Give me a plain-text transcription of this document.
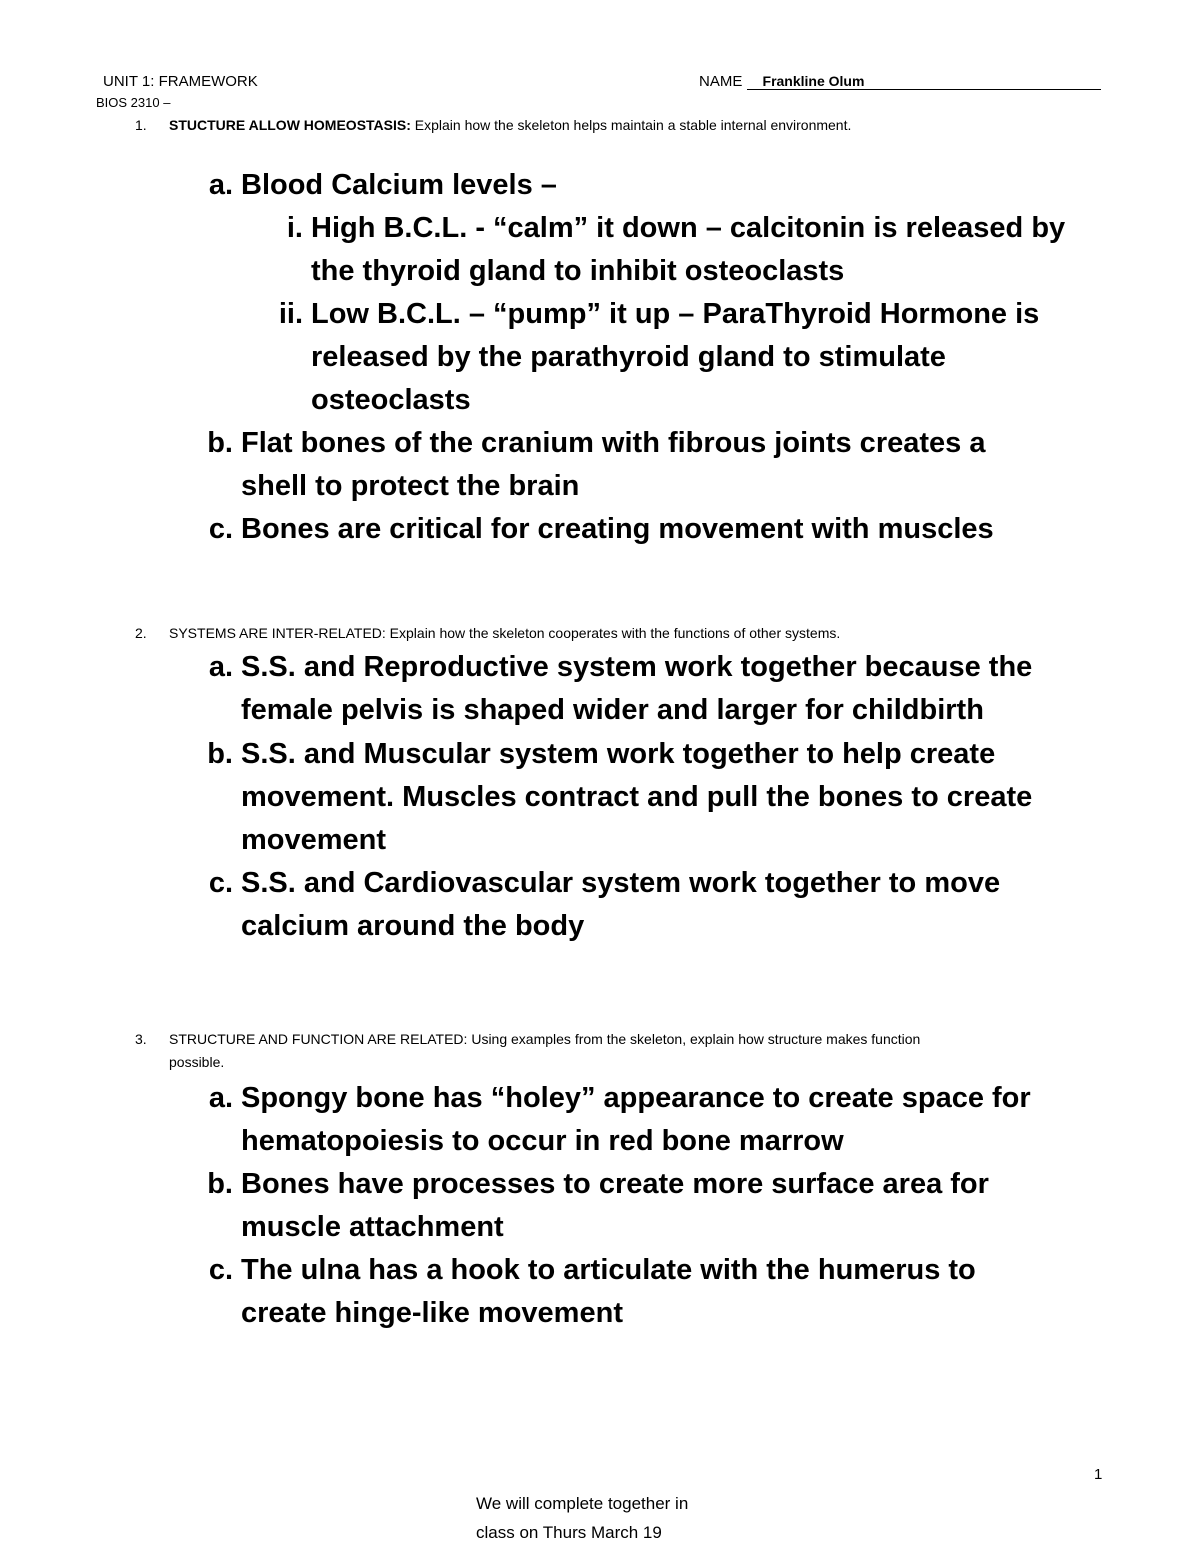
UNIT 1: FRAMEWORK
BIOS 2310 –
NAME Frankline Olum
1. STUCTURE ALLOW HOMEOSTASIS: Explain how the skeleton helps maintain a stable internal environment.
a. Blood Calcium levels –
i. High B.C.L. - “calm” it down – calcitonin is released by
the thyroid gland to inhibit osteoclasts
ii. Low B.C.L. – “pump” it up – ParaThyroid Hormone is
released by the parathyroid gland to stimulate
osteoclasts
b. Flat bones of the cranium with fibrous joints creates a
shell to protect the brain
c. Bones are critical for creating movement with muscles
2. SYSTEMS ARE INTER-RELATED: Explain how the skeleton cooperates with the functions of other systems.
a. S.S. and Reproductive system work together because the
female pelvis is shaped wider and larger for childbirth
b. S.S. and Muscular system work together to help create
movement. Muscles contract and pull the bones to create
movement
c. S.S. and Cardiovascular system work together to move
calcium around the body
3. STRUCTURE AND FUNCTION ARE RELATED: Using examples from the skeleton, explain how structure makes function
possible.
a. Spongy bone has “holey” appearance to create space for
hematopoiesis to occur in red bone marrow
b. Bones have processes to create more surface area for
muscle attachment
c. The ulna has a hook to articulate with the humerus to
create hinge-like movement
1
We will complete together in
class on Thurs March 19
